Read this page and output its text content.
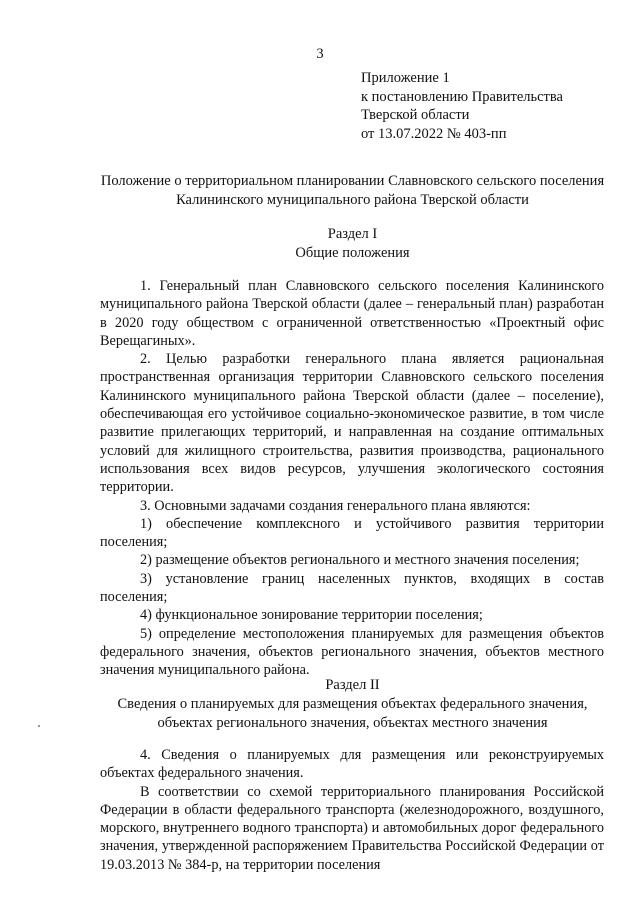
3
Приложение 1
к постановлению Правительства
Тверской области
от 13.07.2022 № 403-пп
Положение о территориальном планировании Славновского сельского поселения Калининского муниципального района Тверской области
Раздел I
Общие положения

1. Генеральный план Славновского сельского поселения Калининского муниципального района Тверской области (далее – генеральный план) разработан в 2020 году обществом с ограниченной ответственностью «Проектный офис Верещагиных».

2. Целью разработки генерального плана является рациональная пространственная организация территории Славновского сельского поселения Калининского муниципального района Тверской области (далее – поселение), обеспечивающая его устойчивое социально-экономическое развитие, в том числе развитие прилегающих территорий, и направленная на создание оптимальных условий для жилищного строительства, развития производства, рационального использования всех видов ресурсов, улучшения экологического состояния территории.

3. Основными задачами создания генерального плана являются:

1) обеспечение комплексного и устойчивого развития территории поселения;

2) размещение объектов регионального и местного значения поселения;

3) установление границ населенных пунктов, входящих в состав поселения;

4) функциональное зонирование территории поселения;

5) определение местоположения планируемых для размещения объектов федерального значения, объектов регионального значения, объектов местного значения муниципального района.

Раздел II
Сведения о планируемых для размещения объектах федерального значения, объектах регионального значения, объектах местного значения

4. Сведения о планируемых для размещения или реконструируемых объектах федерального значения.

В соответствии со схемой территориального планирования Российской Федерации в области федерального транспорта (железнодорожного, воздушного, морского, внутреннего водного транспорта) и автомобильных дорог федерального значения, утвержденной распоряжением Правительства Российской Федерации от 19.03.2013 № 384-р, на территории поселения
